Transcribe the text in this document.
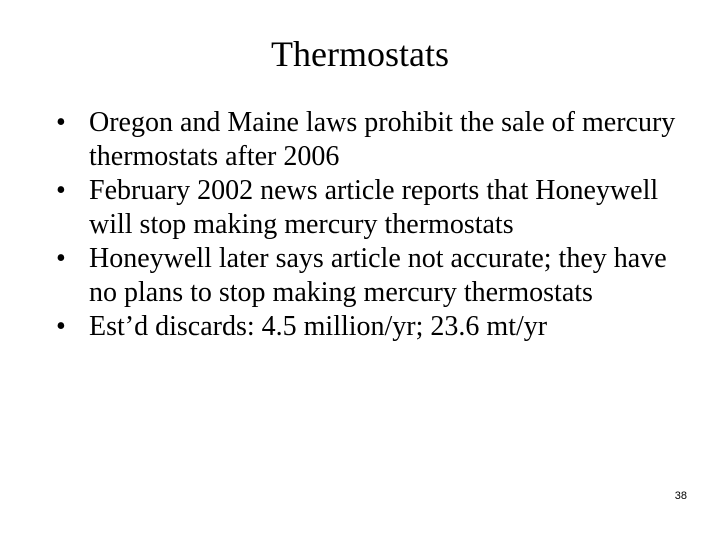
Thermostats
• Oregon and Maine laws prohibit the sale of mercury thermostats after 2006
• February 2002 news article reports that Honeywell will stop making mercury thermostats
• Honeywell later says article not accurate; they have no plans to stop making mercury thermostats
• Est’d discards: 4.5 million/yr; 23.6 mt/yr
38
